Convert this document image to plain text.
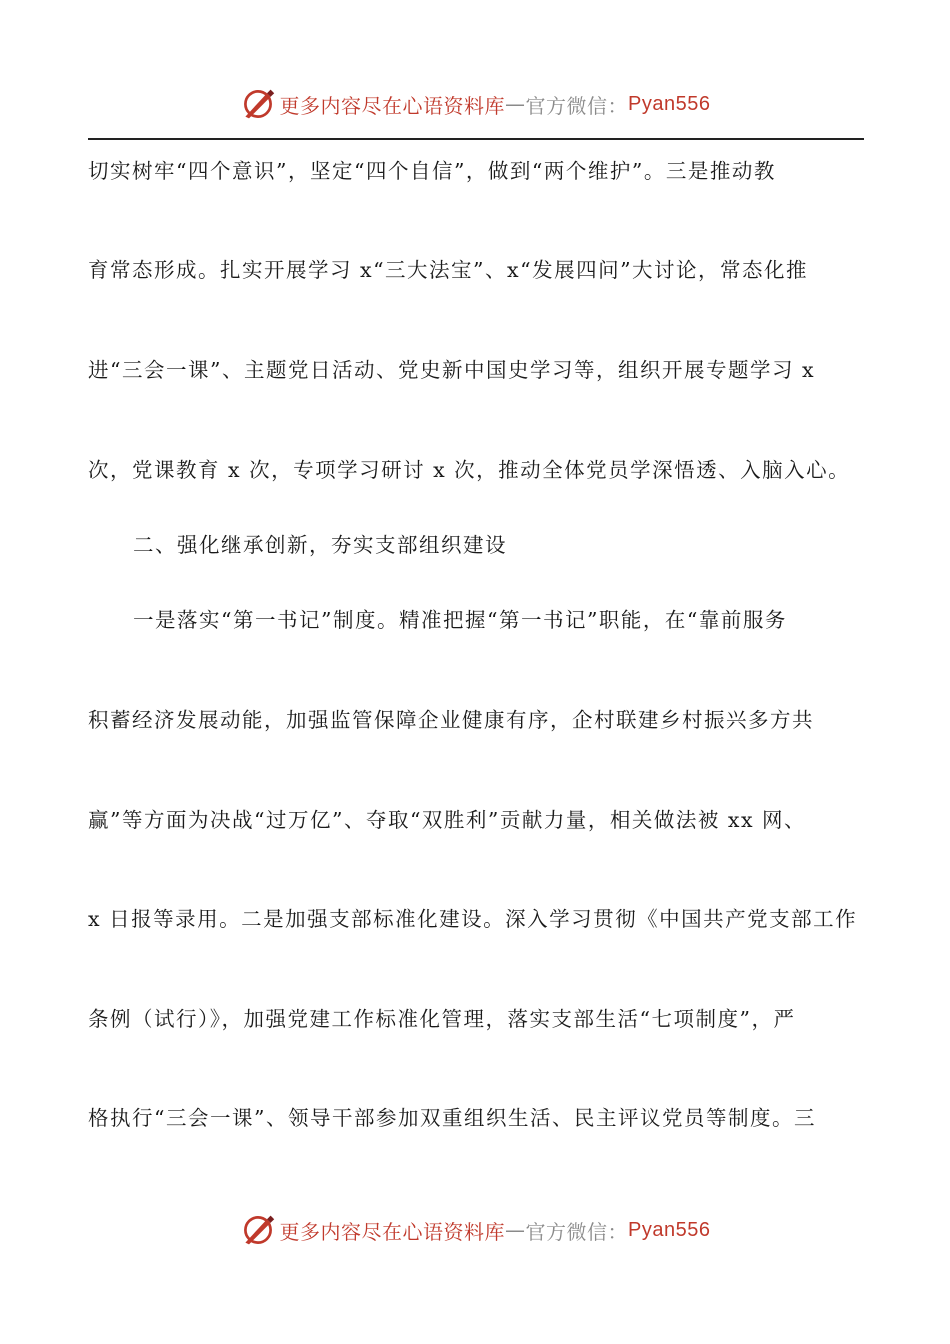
更多内容尽在心语资料库 — 官方微信： Pyan556
切实树牢“四个意识”，坚定“四个自信”，做到“两个维护”。三是推动教
育常态形成。扎实开展学习 x“三大法宝”、x“发展四问”大讨论，常态化推
进“三会一课”、主题党日活动、党史新中国史学习等，组织开展专题学习 x
次，党课教育 x 次，专项学习研讨 x 次，推动全体党员学深悟透、入脑入心。
二、强化继承创新，夯实支部组织建设
一是落实“第一书记”制度。精准把握“第一书记”职能，在“靠前服务
积蓄经济发展动能，加强监管保障企业健康有序，企村联建乡村振兴多方共
赢”等方面为决战“过万亿”、夺取“双胜利”贡献力量，相关做法被 xx 网、
x 日报等录用。二是加强支部标准化建设。深入学习贯彻《中国共产党支部工作
条例（试行）》，加强党建工作标准化管理，落实支部生活“七项制度”，严
格执行“三会一课”、领导干部参加双重组织生活、民主评议党员等制度。三
更多内容尽在心语资料库 — 官方微信： Pyan556
